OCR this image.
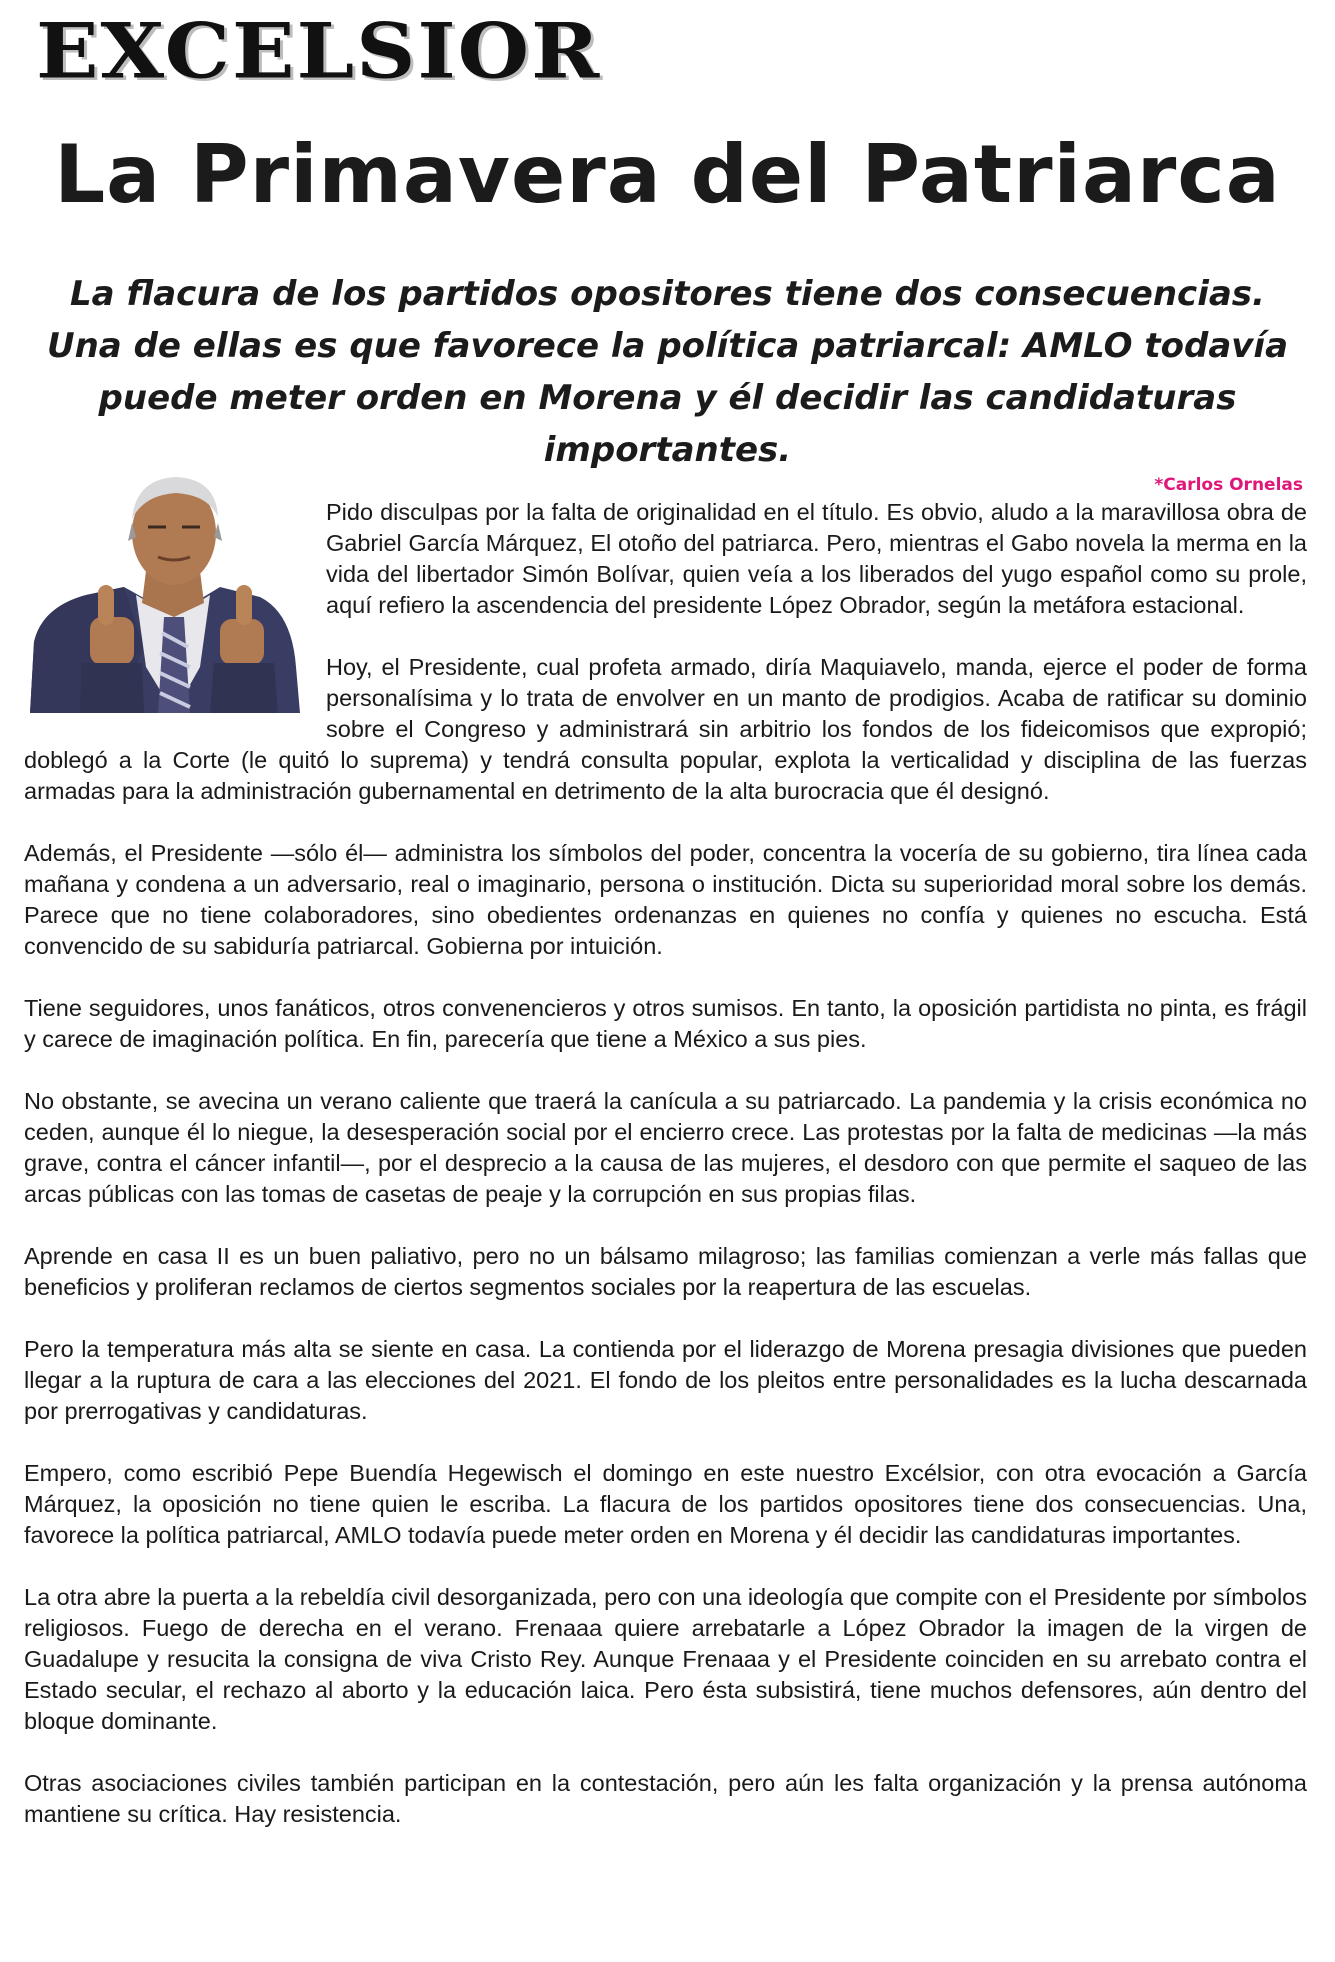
EXCELSIOR
La Primavera del Patriarca
La flacura de los partidos opositores tiene dos consecuencias. Una de ellas es que favorece la política patriarcal: AMLO todavía puede meter orden en Morena y él decidir las candidaturas importantes.
*Carlos Ornelas

Pido disculpas por la falta de originalidad en el título. Es obvio, aludo a la maravillosa obra de Gabriel García Márquez, El otoño del patriarca. Pero, mientras el Gabo novela la merma en la vida del libertador Simón Bolívar, quien veía a los liberados del yugo español como su prole, aquí refiero la ascendencia del presidente López Obrador, según la metáfora estacional.

Hoy, el Presidente, cual profeta armado, diría Maquiavelo, manda, ejerce el poder de forma personalísima y lo trata de envolver en un manto de prodigios. Acaba de ratificar su dominio sobre el Congreso y administrará sin arbitrio los fondos de los fideicomisos que expropió; doblegó a la Corte (le quitó lo suprema) y tendrá consulta popular, explota la verticalidad y disciplina de las fuerzas armadas para la administración gubernamental en detrimento de la alta burocracia que él designó.

Además, el Presidente —sólo él— administra los símbolos del poder, concentra la vocería de su gobierno, tira línea cada mañana y condena a un adversario, real o imaginario, persona o institución. Dicta su superioridad moral sobre los demás. Parece que no tiene colaboradores, sino obedientes ordenanzas en quienes no confía y quienes no escucha. Está convencido de su sabiduría patriarcal. Gobierna por intuición.

Tiene seguidores, unos fanáticos, otros convenencieros y otros sumisos. En tanto, la oposición partidista no pinta, es frágil y carece de imaginación política. En fin, parecería que tiene a México a sus pies.

No obstante, se avecina un verano caliente que traerá la canícula a su patriarcado. La pandemia y la crisis económica no ceden, aunque él lo niegue, la desesperación social por el encierro crece. Las protestas por la falta de medicinas —la más grave, contra el cáncer infantil—, por el desprecio a la causa de las mujeres, el desdoro con que permite el saqueo de las arcas públicas con las tomas de casetas de peaje y la corrupción en sus propias filas.

Aprende en casa II es un buen paliativo, pero no un bálsamo milagroso; las familias comienzan a verle más fallas que beneficios y proliferan reclamos de ciertos segmentos sociales por la reapertura de las escuelas.

Pero la temperatura más alta se siente en casa. La contienda por el liderazgo de Morena presagia divisiones que pueden llegar a la ruptura de cara a las elecciones del 2021. El fondo de los pleitos entre personalidades es la lucha descarnada por prerrogativas y candidaturas.

Empero, como escribió Pepe Buendía Hegewisch el domingo en este nuestro Excélsior, con otra evocación a García Márquez, la oposición no tiene quien le escriba. La flacura de los partidos opositores tiene dos consecuencias. Una, favorece la política patriarcal, AMLO todavía puede meter orden en Morena y él decidir las candidaturas importantes.

La otra abre la puerta a la rebeldía civil desorganizada, pero con una ideología que compite con el Presidente por símbolos religiosos. Fuego de derecha en el verano. Frenaaa quiere arrebatarle a López Obrador la imagen de la virgen de Guadalupe y resucita la consigna de viva Cristo Rey. Aunque Frenaaa y el Presidente coinciden en su arrebato contra el Estado secular, el rechazo al aborto y la educación laica. Pero ésta subsistirá, tiene muchos defensores, aún dentro del bloque dominante.

Otras asociaciones civiles también participan en la contestación, pero aún les falta organización y la prensa autónoma mantiene su crítica. Hay resistencia.
